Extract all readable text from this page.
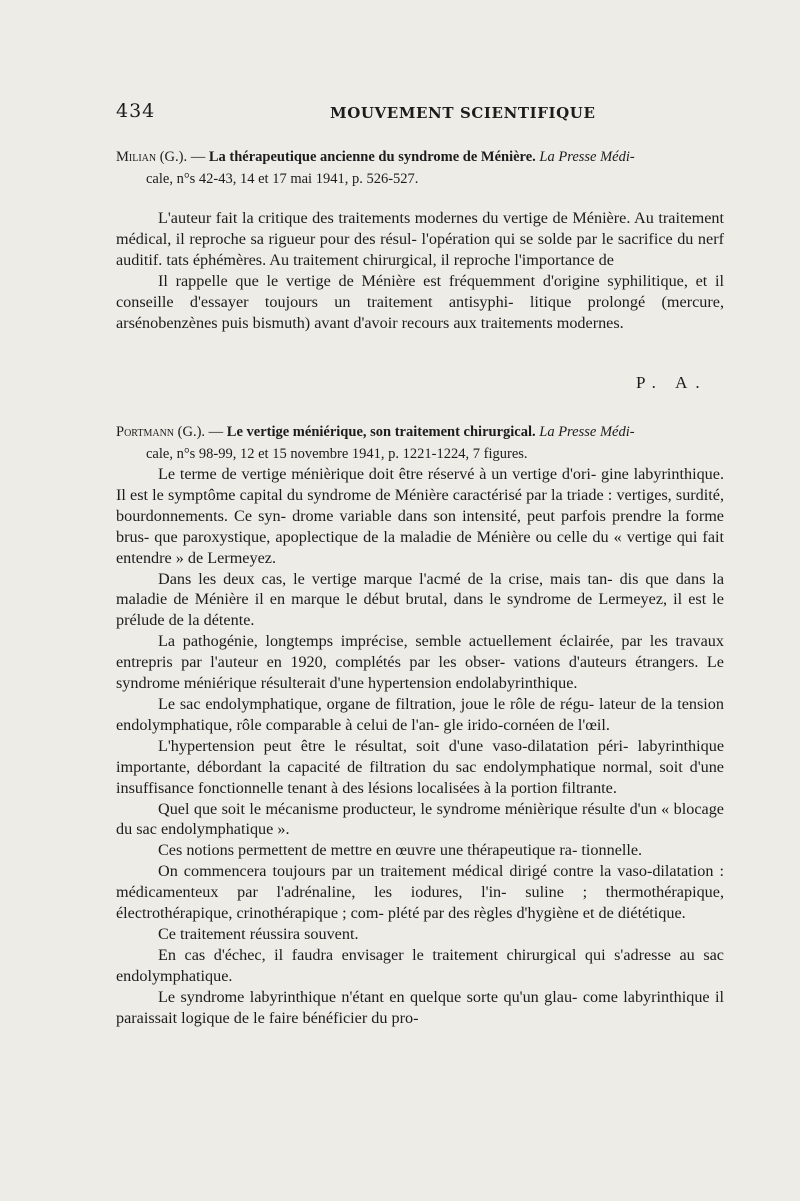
434	MOUVEMENT SCIENTIFIQUE
Milian (G.). — La thérapeutique ancienne du syndrome de Ménière. La Presse Médi-
cale, n°s 42-43, 14 et 17 mai 1941, p. 526-527.

L'auteur fait la critique des traitements modernes du vertige de Ménière. Au traitement médical, il reproche sa rigueur pour des résul- l'opération qui se solde par le sacrifice du nerf auditif. tats éphémères. Au traitement chirurgical, il reproche l'importance de

Il rappelle que le vertige de Ménière est fréquemment d'origine syphilitique, et il conseille d'essayer toujours un traitement antisyphi- litique prolongé (mercure, arsénobenzènes puis bismuth) avant d'avoir recours aux traitements modernes.

P. A.
Portmann (G.). — Le vertige méniérique, son traitement chirurgical. La Presse Médi-
cale, n°s 98-99, 12 et 15 novembre 1941, p. 1221-1224, 7 figures.

Le terme de vertige ménièrique doit être réservé à un vertige d'ori- gine labyrinthique. Il est le symptôme capital du syndrome de Ménière caractérisé par la triade : vertiges, surdité, bourdonnements. Ce syn- drome variable dans son intensité, peut parfois prendre la forme brus- que paroxystique, apoplectique de la maladie de Ménière ou celle du « vertige qui fait entendre » de Lermeyez.

Dans les deux cas, le vertige marque l'acmé de la crise, mais tan- dis que dans la maladie de Ménière il en marque le début brutal, dans le syndrome de Lermeyez, il est le prélude de la détente.

La pathogénie, longtemps imprécise, semble actuellement éclairée, par les travaux entrepris par l'auteur en 1920, complétés par les obser- vations d'auteurs étrangers. Le syndrome méniérique résulterait d'une hypertension endolabyrinthique.

Le sac endolymphatique, organe de filtration, joue le rôle de régu- lateur de la tension endolymphatique, rôle comparable à celui de l'an- gle irido-cornéen de l'œil.

L'hypertension peut être le résultat, soit d'une vaso-dilatation péri- labyrinthique importante, débordant la capacité de filtration du sac endolymphatique normal, soit d'une insuffisance fonctionnelle tenant à des lésions localisées à la portion filtrante.

Quel que soit le mécanisme producteur, le syndrome ménièrique résulte d'un « blocage du sac endolymphatique ».

Ces notions permettent de mettre en œuvre une thérapeutique ra- tionnelle.

On commencera toujours par un traitement médical dirigé contre la vaso-dilatation : médicamenteux par l'adrénaline, les iodures, l'in- suline ; thermothérapique, électrothérapique, crinothérapique ; com- plété par des règles d'hygiène et de diététique.

Ce traitement réussira souvent.

En cas d'échec, il faudra envisager le traitement chirurgical qui s'adresse au sac endolymphatique.

Le syndrome labyrinthique n'étant en quelque sorte qu'un glau- come labyrinthique il paraissait logique de le faire bénéficier du pro-
